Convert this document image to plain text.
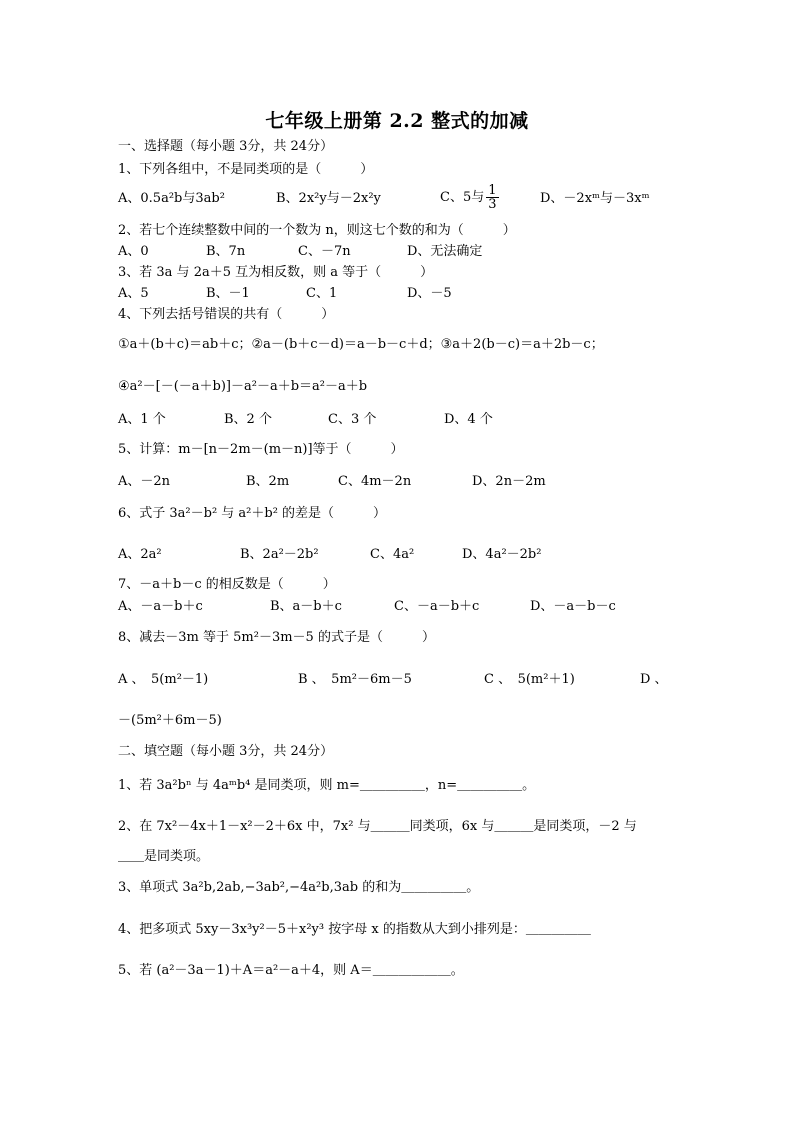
七年级上册第 2.2 整式的加减
一、选择题（每小题 3分，共 24分）
1、下列各组中，不是同类项的是（　　　）
A、0.5a²b与3ab²	B、2x²y与－2x²y	C、5与 $\frac{1}{3}$	D、－2xᵐ与－3xᵐ
2、若七个连续整数中间的一个数为 n，则这七个数的和为（　　　）
A、0	B、7n	C、－7n	D、无法确定
3、若 3a 与 2a＋5 互为相反数，则 a 等于（　　　）
A、5	B、－1	C、1	D、－5
4、下列去括号错误的共有（　　　）
①a＋(b＋c)＝ab＋c；②a－(b＋c－d)＝a－b－c＋d；③a＋2(b－c)＝a＋2b－c；
④a²－[－(－a＋b)]－a²－a＋b＝a²－a＋b
A、1 个	B、2 个	C、3 个	D、4 个
5、计算：m－[n－2m－(m－n)]等于（　　　）
A、－2n	B、2m	C、4m－2n	D、2n－2m
6、式子 3a²－b² 与 a²＋b² 的差是（　　　）
A、2a²	B、2a²－2b²	C、4a²	D、4a²－2b²
7、－a＋b－c 的相反数是（　　　）
A、－a－b＋c	B、a－b＋c	C、－a－b＋c	D、－a－b－c
8、减去－3m 等于 5m²－3m－5 的式子是（　　　）
A 、　5(m²－1)	B 、　5m²－6m－5	C 、　5(m²＋1)	D 、
－(5m²＋6m－5)
二、填空题（每小题 3分，共 24分）
1、若 3a²bⁿ 与 4aᵐb⁴ 是同类项，则 m=＿＿＿＿＿，n=＿＿＿＿＿。
2、在 7x²－4x＋1－x²－2＋6x 中，7x² 与＿＿＿同类项，6x 与＿＿＿是同类项，－2 与
＿＿是同类项。
3、单项式 3a²b,2ab,−3ab²,−4a²b,3ab 的和为＿＿＿＿＿。
4、把多项式 5xy－3x³y²－5＋x²y³ 按字母 x 的指数从大到小排列是：＿＿＿＿＿
5、若 (a²－3a－1)＋A＝a²－a＋4，则 A＝＿＿＿＿＿＿。
